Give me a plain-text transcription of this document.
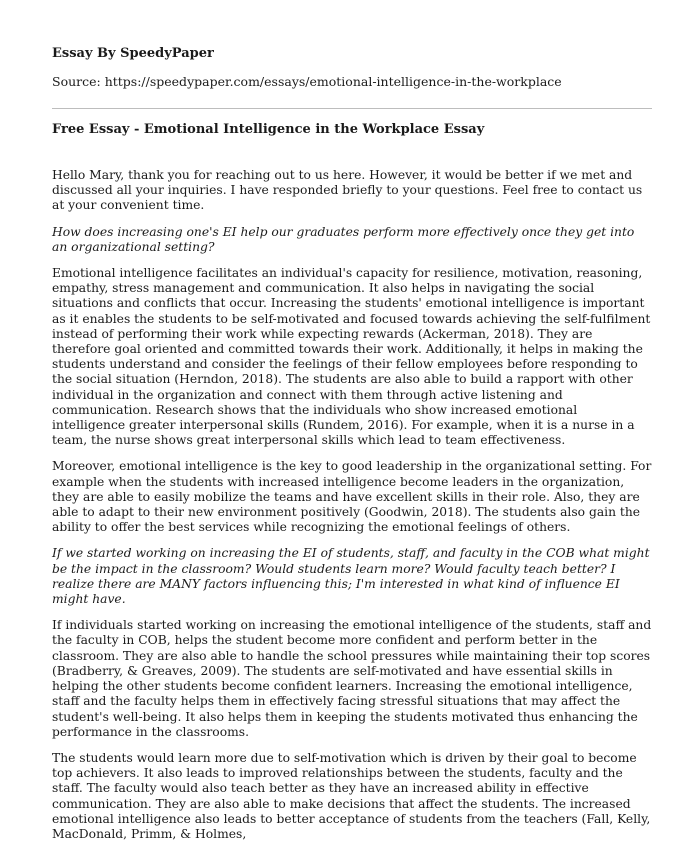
Essay By SpeedyPaper
Source: https://speedypaper.com/essays/emotional-intelligence-in-the-workplace
Free Essay - Emotional Intelligence in the Workplace Essay

Hello Mary, thank you for reaching out to us here. However, it would be better if we met and discussed all your inquiries. I have responded briefly to your questions. Feel free to contact us at your convenient time.

How does increasing one's EI help our graduates perform more effectively once they get into an organizational setting?

Emotional intelligence facilitates an individual's capacity for resilience, motivation, reasoning, empathy, stress management and communication. It also helps in navigating the social situations and conflicts that occur. Increasing the students' emotional intelligence is important as it enables the students to be self-motivated and focused towards achieving the self-fulfilment instead of performing their work while expecting rewards (Ackerman, 2018). They are therefore goal oriented and committed towards their work. Additionally, it helps in making the students understand and consider the feelings of their fellow employees before responding to the social situation (Herndon, 2018). The students are also able to build a rapport with other individual in the organization and connect with them through active listening and communication. Research shows that the individuals who show increased emotional intelligence greater interpersonal skills (Rundem, 2016). For example, when it is a nurse in a team, the nurse shows great interpersonal skills which lead to team effectiveness.

Moreover, emotional intelligence is the key to good leadership in the organizational setting. For example when the students with increased intelligence become leaders in the organization, they are able to easily mobilize the teams and have excellent skills in their role. Also, they are able to adapt to their new environment positively (Goodwin, 2018). The students also gain the ability to offer the best services while recognizing the emotional feelings of others.

If we started working on increasing the EI of students, staff, and faculty in the COB what might be the impact in the classroom? Would students learn more? Would faculty teach better? I realize there are MANY factors influencing this; I'm interested in what kind of influence EI might have.

If individuals started working on increasing the emotional intelligence of the students, staff and the faculty in COB, helps the student become more confident and perform better in the classroom. They are also able to handle the school pressures while maintaining their top scores (Bradberry, & Greaves, 2009). The students are self-motivated and have essential skills in helping the other students become confident learners. Increasing the emotional intelligence, staff and the faculty helps them in effectively facing stressful situations that may affect the student's well-being. It also helps them in keeping the students motivated thus enhancing the performance in the classrooms.

The students would learn more due to self-motivation which is driven by their goal to become top achievers. It also leads to improved relationships between the students, faculty and the staff. The faculty would also teach better as they have an increased ability in effective communication. They are also able to make decisions that affect the students. The increased emotional intelligence also leads to better acceptance of students from the teachers (Fall, Kelly, MacDonald, Primm, & Holmes,
